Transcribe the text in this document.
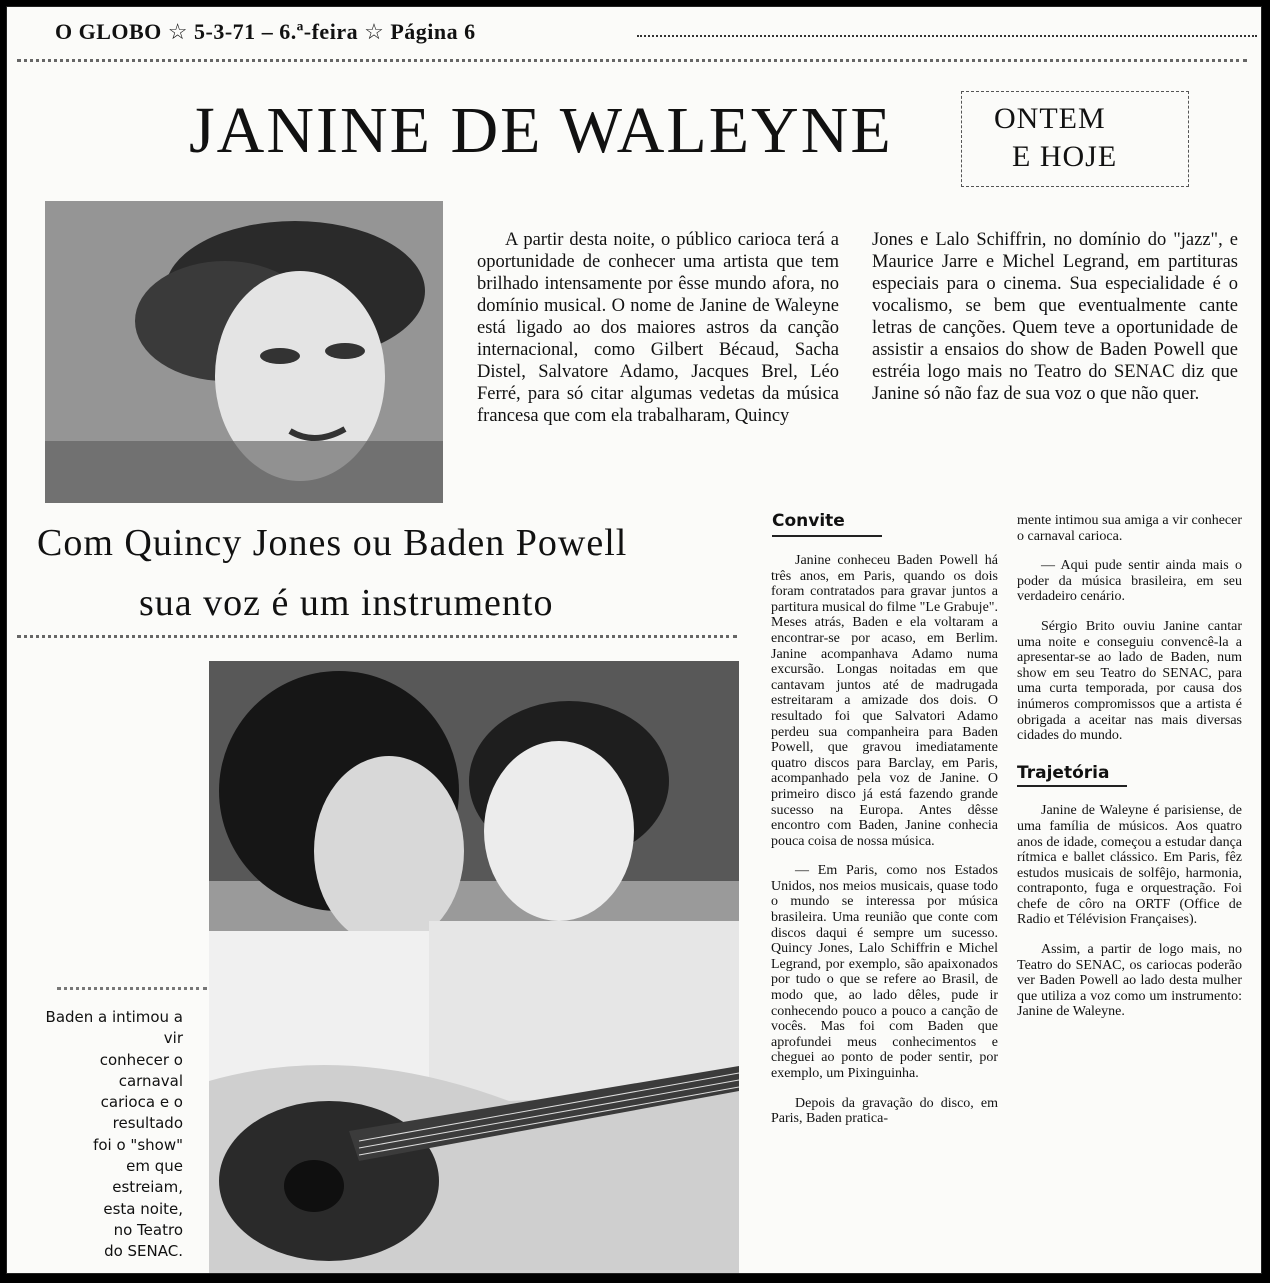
O GLOBO ☆ 5-3-71 – 6.ª-feira ☆ Página 6
JANINE DE WALEYNE	ONTEM
E HOJE
A partir desta noite, o público carioca terá a oportunidade de conhecer uma artista que tem brilhado intensamente por êsse mundo afora, no domínio musical. O nome de Janine de Waleyne está ligado ao dos maiores astros da canção internacional, como Gilbert Bécaud, Sacha Distel, Salvatore Adamo, Jacques Brel, Léo Ferré, para só citar algumas vedetas da música francesa que com ela trabalharam, Quincy
Jones e Lalo Schiffrin, no domínio do "jazz", e Maurice Jarre e Michel Legrand, em partituras especiais para o cinema. Sua especialidade é o vocalismo, se bem que eventualmente cante letras de canções. Quem teve a oportunidade de assistir a ensaios do show de Baden Powell que estréia logo mais no Teatro do SENAC diz que Janine só não faz de sua voz o que não quer.
Com Quincy Jones ou Baden Powell
sua voz é um instrumento
Baden a intimou a vir
conhecer o
carnaval
carioca e o
resultado
foi o "show"
em que
estreiam,
esta noite,
no Teatro
do SENAC.
Convite

Janine conheceu Baden Powell há três anos, em Paris, quando os dois foram contratados para gravar juntos a partitura musical do filme "Le Grabuje". Meses atrás, Baden e ela voltaram a encontrar-se por acaso, em Berlim. Janine acompanhava Adamo numa excursão. Longas noitadas em que cantavam juntos até de madrugada estreitaram a amizade dos dois. O resultado foi que Salvatori Adamo perdeu sua companheira para Baden Powell, que gravou imediatamente quatro discos para Barclay, em Paris, acompanhado pela voz de Janine. O primeiro disco já está fazendo grande sucesso na Europa. Antes dêsse encontro com Baden, Janine conhecia pouca coisa de nossa música.

— Em Paris, como nos Estados Unidos, nos meios musicais, quase todo o mundo se interessa por música brasileira. Uma reunião que conte com discos daqui é sempre um sucesso. Quincy Jones, Lalo Schiffrin e Michel Legrand, por exemplo, são apaixonados por tudo o que se refere ao Brasil, de modo que, ao lado dêles, pude ir conhecendo pouco a pouco a canção de vocês. Mas foi com Baden que aprofundei meus conhecimentos e cheguei ao ponto de poder sentir, por exemplo, um Pixinguinha.

Depois da gravação do disco, em Paris, Baden pratica-

mente intimou sua amiga a vir conhecer o carnaval carioca.

— Aqui pude sentir ainda mais o poder da música brasileira, em seu verdadeiro cenário.

Sérgio Brito ouviu Janine cantar uma noite e conseguiu convencê-la a apresentar-se ao lado de Baden, num show em seu Teatro do SENAC, para uma curta temporada, por causa dos inúmeros compromissos que a artista é obrigada a aceitar nas mais diversas cidades do mundo.

Trajetória

Janine de Waleyne é parisiense, de uma família de músicos. Aos quatro anos de idade, começou a estudar dança rítmica e ballet clássico. Em Paris, fêz estudos musicais de solfêjo, harmonia, contraponto, fuga e orquestração. Foi chefe de côro na ORTF (Office de Radio et Télévision Françaises).

Assim, a partir de logo mais, no Teatro do SENAC, os cariocas poderão ver Baden Powell ao lado desta mulher que utiliza a voz como um instrumento: Janine de Waleyne.
